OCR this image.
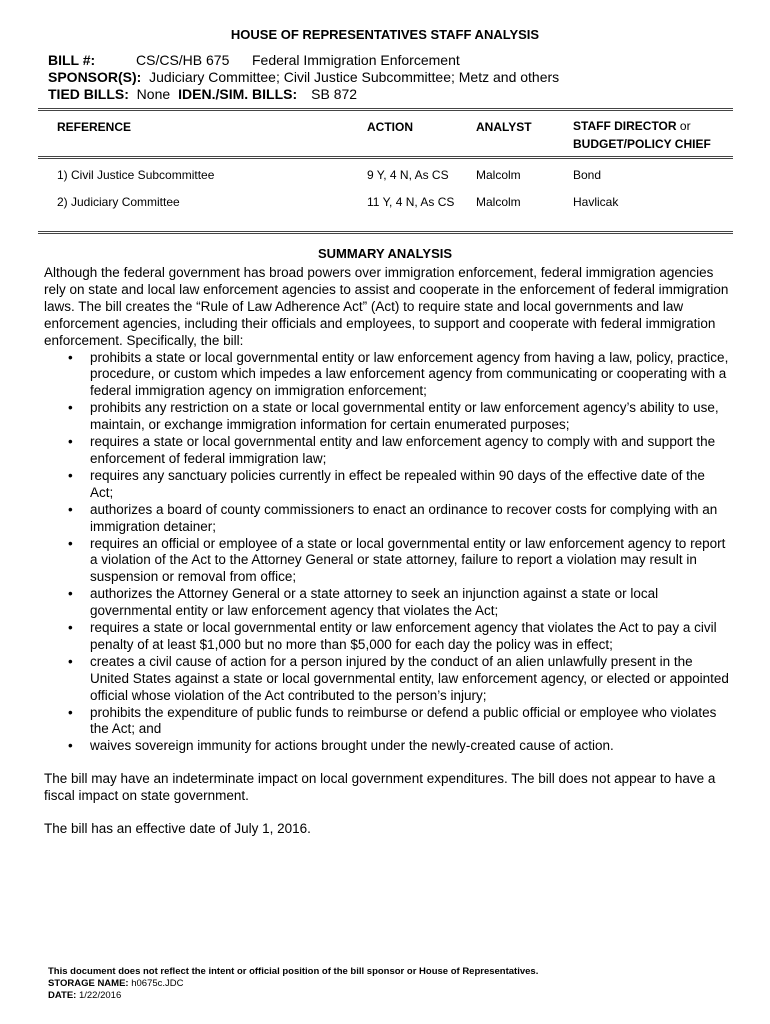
HOUSE OF REPRESENTATIVES STAFF ANALYSIS
BILL #:	CS/CS/HB 675 Federal Immigration Enforcement
SPONSOR(S): Judiciary Committee; Civil Justice Subcommittee; Metz and others
TIED BILLS: None IDEN./SIM. BILLS: SB 872
REFERENCE	ACTION	ANALYST	STAFF DIRECTOR or
BUDGET/POLICY CHIEF
1) Civil Justice Subcommittee	9 Y, 4 N, As CS	Malcolm	Bond
2) Judiciary Committee	11 Y, 4 N, As CS	Malcolm	Havlicak
SUMMARY ANALYSIS

Although the federal government has broad powers over immigration enforcement, federal immigration agencies rely on state and local law enforcement agencies to assist and cooperate in the enforcement of federal immigration laws. The bill creates the “Rule of Law Adherence Act” (Act) to require state and local governments and law enforcement agencies, including their officials and employees, to support and cooperate with federal immigration enforcement. Specifically, the bill:

• prohibits a state or local governmental entity or law enforcement agency from having a law, policy, practice, procedure, or custom which impedes a law enforcement agency from communicating or cooperating with a federal immigration agency on immigration enforcement;
• prohibits any restriction on a state or local governmental entity or law enforcement agency’s ability to use, maintain, or exchange immigration information for certain enumerated purposes;
• requires a state or local governmental entity and law enforcement agency to comply with and support the enforcement of federal immigration law;
• requires any sanctuary policies currently in effect be repealed within 90 days of the effective date of the Act;
• authorizes a board of county commissioners to enact an ordinance to recover costs for complying with an immigration detainer;
• requires an official or employee of a state or local governmental entity or law enforcement agency to report a violation of the Act to the Attorney General or state attorney, failure to report a violation may result in suspension or removal from office;
• authorizes the Attorney General or a state attorney to seek an injunction against a state or local governmental entity or law enforcement agency that violates the Act;
• requires a state or local governmental entity or law enforcement agency that violates the Act to pay a civil penalty of at least $1,000 but no more than $5,000 for each day the policy was in effect;
• creates a civil cause of action for a person injured by the conduct of an alien unlawfully present in the United States against a state or local governmental entity, law enforcement agency, or elected or appointed official whose violation of the Act contributed to the person’s injury;
• prohibits the expenditure of public funds to reimburse or defend a public official or employee who violates the Act; and
• waives sovereign immunity for actions brought under the newly-created cause of action.

The bill may have an indeterminate impact on local government expenditures. The bill does not appear to have a fiscal impact on state government.

The bill has an effective date of July 1, 2016.

This document does not reflect the intent or official position of the bill sponsor or House of Representatives.
STORAGE NAME: h0675c.JDC
DATE: 1/22/2016
